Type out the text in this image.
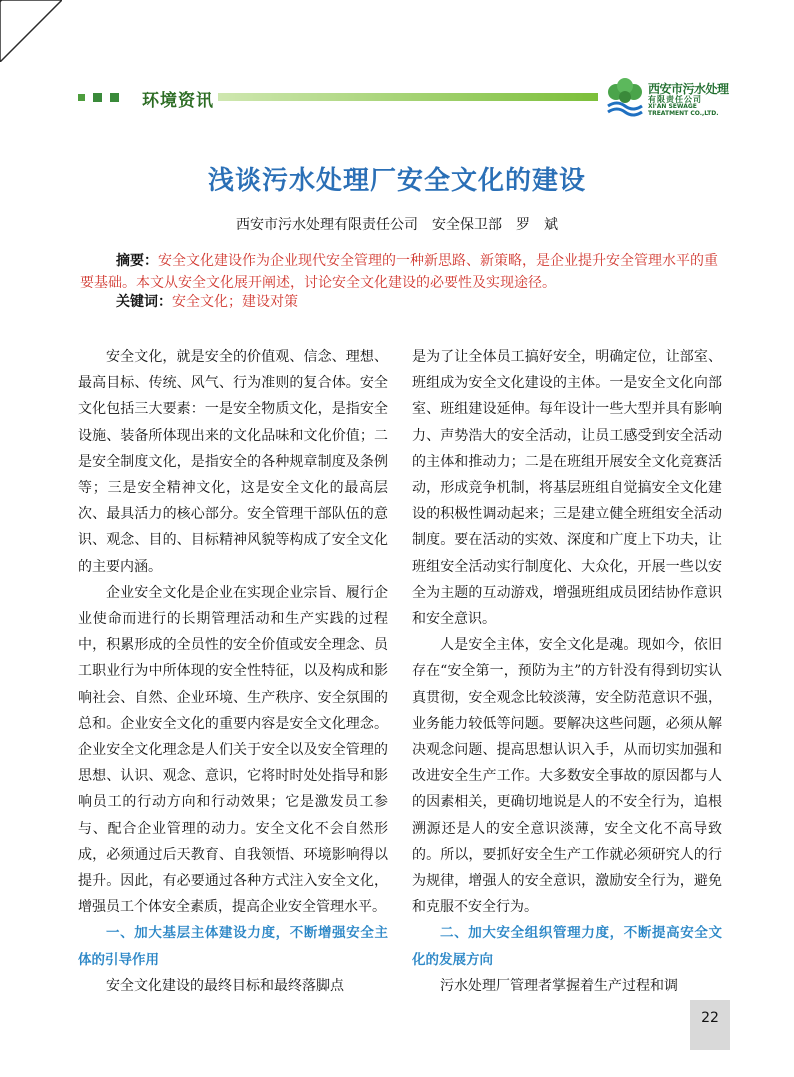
环境资讯
西安市污水处理
有限责任公司
XI'AN SEWAGE
TREATMENT CO.,LTD.
浅谈污水处理厂安全文化的建设
西安市污水处理有限责任公司　安全保卫部　罗　斌
摘要：安全文化建设作为企业现代安全管理的一种新思路、新策略，是企业提升安全管理水平的重要基础。本文从安全文化展开阐述，讨论安全文化建设的必要性及实现途径。
关键词：安全文化；建设对策

安全文化，就是安全的价值观、信念、理想、最高目标、传统、风气、行为准则的复合体。安全文化包括三大要素：一是安全物质文化，是指安全设施、装备所体现出来的文化品味和文化价值；二是安全制度文化，是指安全的各种规章制度及条例等；三是安全精神文化，这是安全文化的最高层次、最具活力的核心部分。安全管理干部队伍的意识、观念、目的、目标精神风貌等构成了安全文化的主要内涵。

企业安全文化是企业在实现企业宗旨、履行企业使命而进行的长期管理活动和生产实践的过程中，积累形成的全员性的安全价值或安全理念、员工职业行为中所体现的安全性特征，以及构成和影响社会、自然、企业环境、生产秩序、安全氛围的总和。企业安全文化的重要内容是安全文化理念。企业安全文化理念是人们关于安全以及安全管理的思想、认识、观念、意识，它将时时处处指导和影响员工的行动方向和行动效果；它是激发员工参与、配合企业管理的动力。安全文化不会自然形成，必须通过后天教育、自我领悟、环境影响得以提升。因此，有必要通过各种方式注入安全文化，增强员工个体安全素质，提高企业安全管理水平。

一、加大基层主体建设力度，不断增强安全主体的引导作用

安全文化建设的最终目标和最终落脚点

是为了让全体员工搞好安全，明确定位，让部室、班组成为安全文化建设的主体。一是安全文化向部室、班组建设延伸。每年设计一些大型并具有影响力、声势浩大的安全活动，让员工感受到安全活动的主体和推动力；二是在班组开展安全文化竞赛活动，形成竞争机制，将基层班组自觉搞安全文化建设的积极性调动起来；三是建立健全班组安全活动制度。要在活动的实效、深度和广度上下功夫，让班组安全活动实行制度化、大众化，开展一些以安全为主题的互动游戏，增强班组成员团结协作意识和安全意识。

人是安全主体，安全文化是魂。现如今，依旧存在“安全第一，预防为主”的方针没有得到切实认真贯彻，安全观念比较淡薄，安全防范意识不强，业务能力较低等问题。要解决这些问题，必须从解决观念问题、提高思想认识入手，从而切实加强和改进安全生产工作。大多数安全事故的原因都与人的因素相关，更确切地说是人的不安全行为，追根溯源还是人的安全意识淡薄，安全文化不高导致的。所以，要抓好安全生产工作就必须研究人的行为规律，增强人的安全意识，激励安全行为，避免和克服不安全行为。

二、加大安全组织管理力度，不断提高安全文化的发展方向

污水处理厂管理者掌握着生产过程和调

22
